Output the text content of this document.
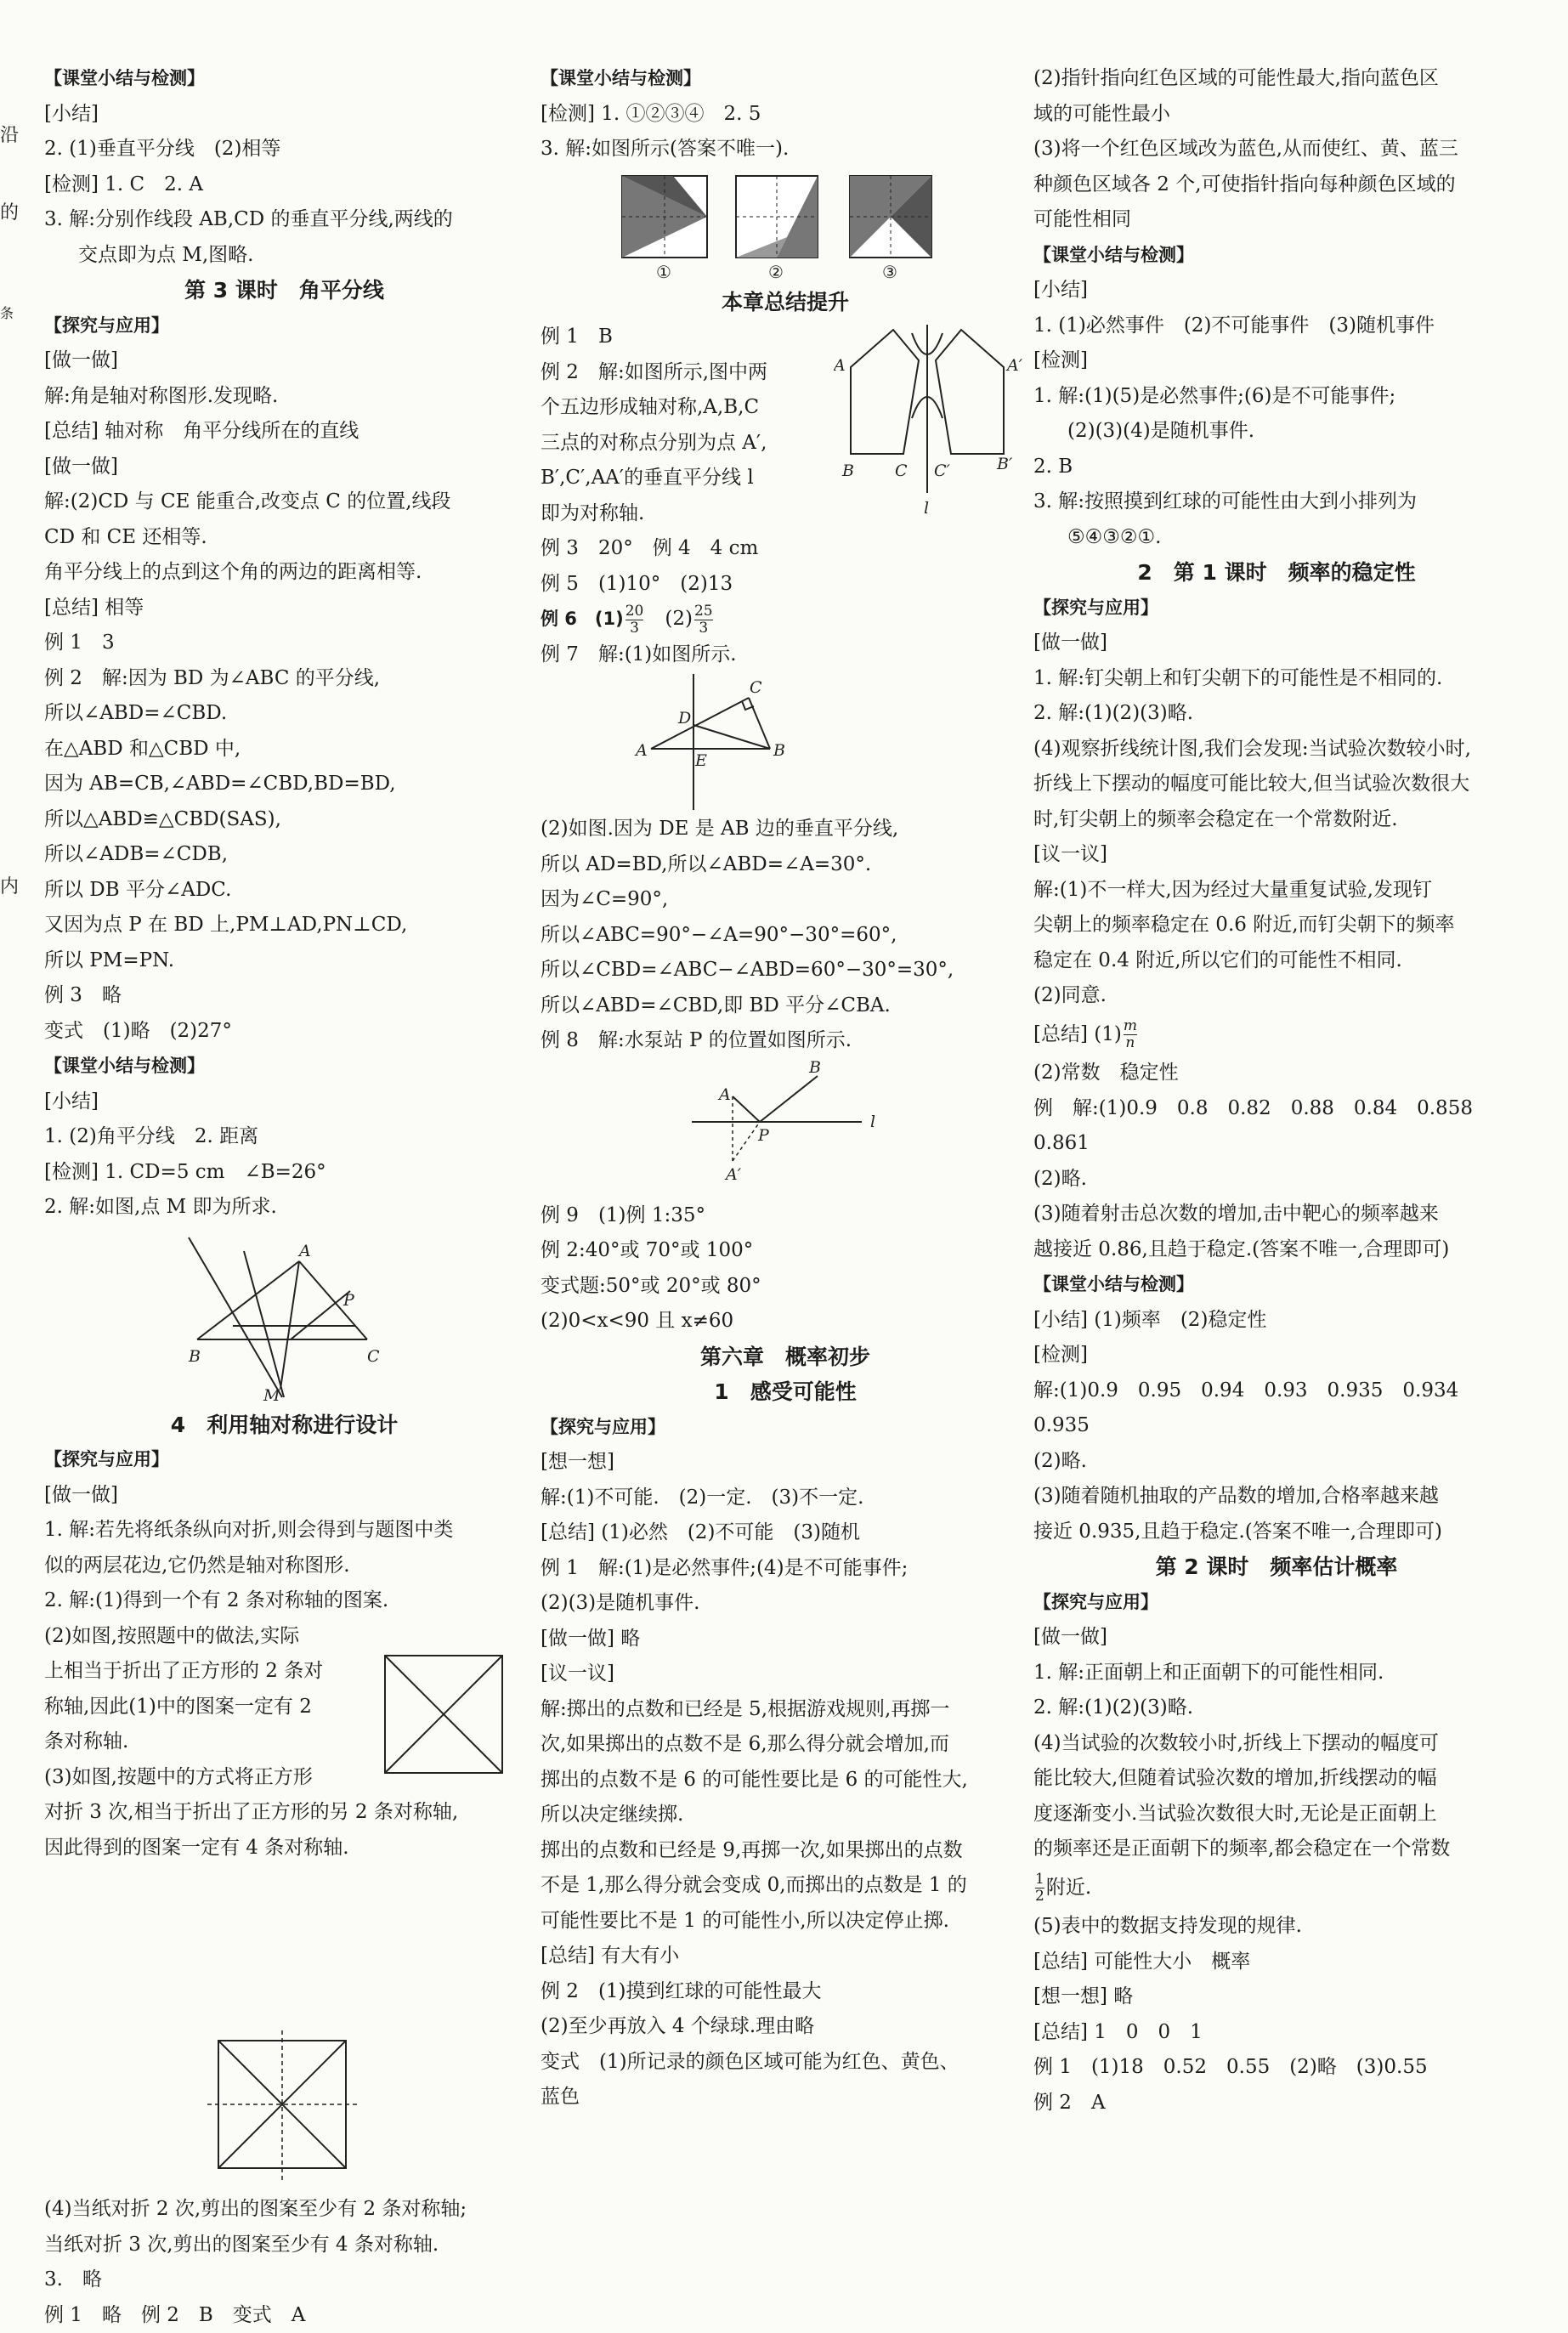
沿
的
条
内
【课堂小结与检测】
[小结]
2. (1)垂直平分线　(2)相等
[检测] 1. C　2. A
3. 解:分别作线段 AB,CD 的垂直平分线,两线的
交点即为点 M,图略.
第 3 课时　角平分线
【探究与应用】
[做一做]
解:角是轴对称图形.发现略.
[总结] 轴对称　角平分线所在的直线
[做一做]
解:(2)CD 与 CE 能重合,改变点 C 的位置,线段
CD 和 CE 还相等.
角平分线上的点到这个角的两边的距离相等.
[总结] 相等
例 1　3
例 2　解:因为 BD 为∠ABC 的平分线,
所以∠ABD=∠CBD.
在△ABD 和△CBD 中,
因为 AB=CB,∠ABD=∠CBD,BD=BD,
所以△ABD≌△CBD(SAS),
所以∠ADB=∠CDB,
所以 DB 平分∠ADC.
又因为点 P 在 BD 上,PM⊥AD,PN⊥CD,
所以 PM=PN.
例 3　略
变式　(1)略　(2)27°
【课堂小结与检测】
[小结]
1. (2)角平分线　2. 距离
[检测] 1. CD=5 cm　∠B=26°
2. 解:如图,点 M 即为所求.
A
P
B	C
M
4　利用轴对称进行设计
【探究与应用】
[做一做]
1. 解:若先将纸条纵向对折,则会得到与题图中类
似的两层花边,它仍然是轴对称图形.
2. 解:(1)得到一个有 2 条对称轴的图案.
(2)如图,按照题中的做法,实际
上相当于折出了正方形的 2 条对
称轴,因此(1)中的图案一定有 2
条对称轴.
(3)如图,按题中的方式将正方形
对折 3 次,相当于折出了正方形的另 2 条对称轴,
因此得到的图案一定有 4 条对称轴.
(4)当纸对折 2 次,剪出的图案至少有 2 条对称轴;
当纸对折 3 次,剪出的图案至少有 4 条对称轴.
3.　略
例 1　略　例 2　B　变式　A
【课堂小结与检测】
[检测] 1. ①②③④　2. 5
3. 解:如图所示(答案不唯一).
①	②	③
本章总结提升
例 1　B
例 2　解:如图所示,图中两
个五边形成轴对称,A,B,C
三点的对称点分别为点 A′,
B′,C′,AA′的垂直平分线 l
即为对称轴.
例 3　20°　例 4　4 cm
例 5　(1)10°　(2)13
A	A′
B	C C′	B′
l
例 6　$(1) \frac{20}{3}$ 　$(2) \frac{25}{3}$
例 7　解:(1)如图所示.
C
D
A
E
B
(2)如图.因为 DE 是 AB 边的垂直平分线,
所以 AD=BD,所以∠ABD=∠A=30°.
因为∠C=90°,
所以∠ABC=90°−∠A=90°−30°=60°,
所以∠CBD=∠ABC−∠ABD=60°−30°=30°,
所以∠ABD=∠CBD,即 BD 平分∠CBA.
例 8　解:水泵站 P 的位置如图所示.
B
A
P
A′
l
例 9　(1)例 1:35°
例 2:40°或 70°或 100°
变式题:50°或 20°或 80°
(2)0<x<90 且 x≠60
第六章　概率初步
1　感受可能性
【探究与应用】
[想一想]
解:(1)不可能.　(2)一定.　(3)不一定.
[总结] (1)必然　(2)不可能　(3)随机
例 1　解:(1)是必然事件;(4)是不可能事件;
(2)(3)是随机事件.
[做一做] 略
[议一议]
解:掷出的点数和已经是 5,根据游戏规则,再掷一
次,如果掷出的点数不是 6,那么得分就会增加,而
掷出的点数不是 6 的可能性要比是 6 的可能性大,
所以决定继续掷.
掷出的点数和已经是 9,再掷一次,如果掷出的点数
不是 1,那么得分就会变成 0,而掷出的点数是 1 的
可能性要比不是 1 的可能性小,所以决定停止掷.
[总结] 有大有小
例 2　(1)摸到红球的可能性最大
(2)至少再放入 4 个绿球.理由略
变式　(1)所记录的颜色区域可能为红色、黄色、
蓝色
(2)指针指向红色区域的可能性最大,指向蓝色区
域的可能性最小
(3)将一个红色区域改为蓝色,从而使红、黄、蓝三
种颜色区域各 2 个,可使指针指向每种颜色区域的
可能性相同
【课堂小结与检测】
[小结]
1. (1)必然事件　(2)不可能事件　(3)随机事件
[检测]
1. 解:(1)(5)是必然事件;(6)是不可能事件;
(2)(3)(4)是随机事件.
2. B
3. 解:按照摸到红球的可能性由大到小排列为
⑤④③②①.
2　第 1 课时　频率的稳定性
【探究与应用】
[做一做]
1. 解:钉尖朝上和钉尖朝下的可能性是不相同的.
2. 解:(1)(2)(3)略.
(4)观察折线统计图,我们会发现:当试验次数较小时,
折线上下摆动的幅度可能比较大,但当试验次数很大
时,钉尖朝上的频率会稳定在一个常数附近.
[议一议]
解:(1)不一样大,因为经过大量重复试验,发现钉
尖朝上的频率稳定在 0.6 附近,而钉尖朝下的频率
稳定在 0.4 附近,所以它们的可能性不相同.
(2)同意.
[总结] $(1) \frac{m}{n}$
(2)常数　稳定性
例　解:(1)0.9　0.8　0.82　0.88　0.84　0.858
0.861
(2)略.
(3)随着射击总次数的增加,击中靶心的频率越来
越接近 0.86,且趋于稳定.(答案不唯一,合理即可)
【课堂小结与检测】
[小结] (1)频率　(2)稳定性
[检测]
解:(1)0.9　0.95　0.94　0.93　0.935　0.934
0.935
(2)略.
(3)随着随机抽取的产品数的增加,合格率越来越
接近 0.935,且趋于稳定.(答案不唯一,合理即可)
第 2 课时　频率估计概率
【探究与应用】
[做一做]
1. 解:正面朝上和正面朝下的可能性相同.
2. 解:(1)(2)(3)略.
(4)当试验的次数较小时,折线上下摆动的幅度可
能比较大,但随着试验次数的增加,折线摆动的幅
度逐渐变小.当试验次数很大时,无论是正面朝上
的频率还是正面朝下的频率,都会稳定在一个常数
$\frac{1}{2}$ 附近.
(5)表中的数据支持发现的规律.
[总结] 可能性大小　概率
[想一想] 略
[总结] 1　0　0　1
例 1　(1)18　0.52　0.55　(2)略　(3)0.55
例 2　A
